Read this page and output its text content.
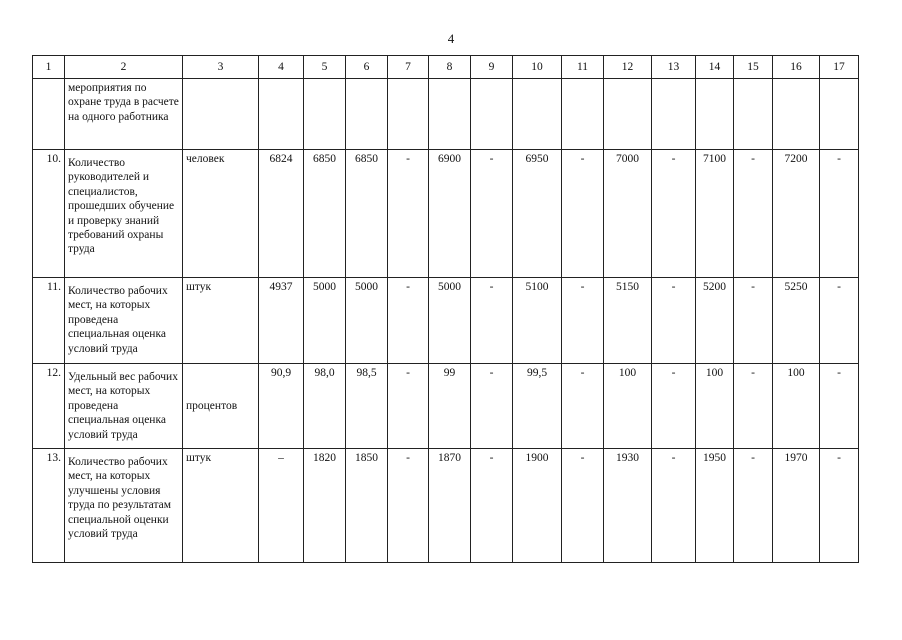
4
1	2	3	4	5	6	7	8	9	10	11	12	13	14	15	16	17
	мероприятия по охране труда в расчете на одного работника															
10.	Количество руководителей и специалистов, прошедших обучение и проверку знаний требований охраны труда	человек	6824	6850	6850	-	6900	-	6950	-	7000	-	7100	-	7200	-
11.	Количество рабочих мест, на которых проведена специальная оценка условий труда	штук	4937	5000	5000	-	5000	-	5100	-	5150	-	5200	-	5250	-
12.	Удельный вес рабочих мест, на которых проведена специальная оценка условий труда	процентов	90,9	98,0	98,5	-	99	-	99,5	-	100	-	100	-	100	-
13.	Количество рабочих мест, на которых улучшены условия труда по результатам специальной оценки условий труда	штук	–	1820	1850	-	1870	-	1900	-	1930	-	1950	-	1970	-
